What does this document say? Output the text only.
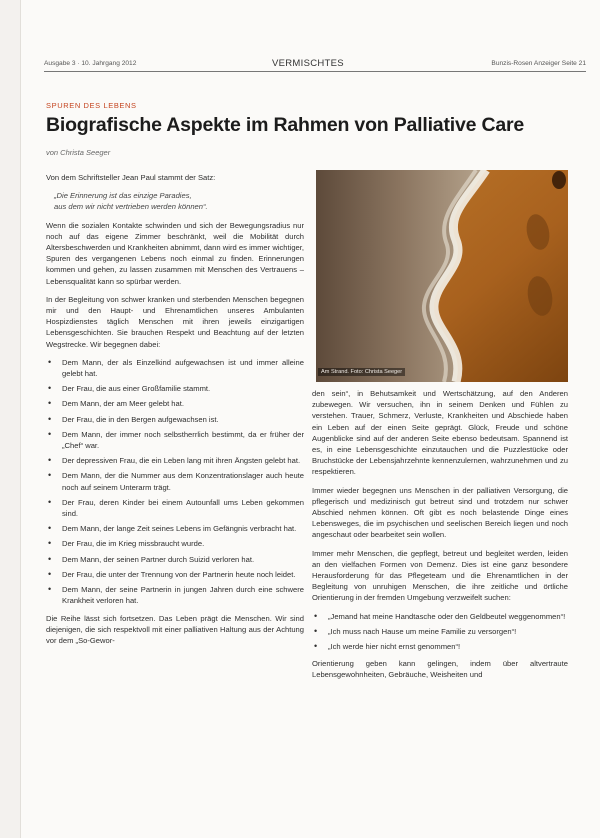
Ausgabe 3 · 10. Jahrgang 2012	VERMISCHTES	Bunzis-Rosen Anzeiger Seite 21
SPUREN DES LEBENS
Biografische Aspekte im Rahmen von Palliative Care
von Christa Seeger

Von dem Schriftsteller Jean Paul stammt der Satz:

„Die Erinnerung ist das einzige Paradies,
aus dem wir nicht vertrieben werden können“.

Wenn die sozialen Kontakte schwinden und sich der Bewegungsradius nur noch auf das eigene Zimmer beschränkt, weil die Mobilität durch Altersbeschwerden und Krankheiten abnimmt, dann wird es immer wichtiger, Spuren des vergangenen Lebens noch einmal zu finden. Erinnerungen kommen und gehen, zu lassen zusammen mit Menschen des Vertrauens – Lebensqualität kann so spürbar werden.

In der Begleitung von schwer kranken und sterbenden Menschen begegnen mir und den Haupt- und Ehrenamtlichen unseres Ambulanten Hospizdienstes täglich Menschen mit ihren jeweils einzigartigen Lebensgeschichten. Sie brauchen Respekt und Beachtung auf der letzten Wegstrecke. Wir begegnen dabei:

• Dem Mann, der als Einzelkind aufgewachsen ist und immer alleine gelebt hat.
• Der Frau, die aus einer Großfamilie stammt.
• Dem Mann, der am Meer gelebt hat.
• Der Frau, die in den Bergen aufgewachsen ist.
• Dem Mann, der immer noch selbstherrlich bestimmt, da er früher der „Chef“ war.
• Der depressiven Frau, die ein Leben lang mit ihren Ängsten gelebt hat.
• Dem Mann, der die Nummer aus dem Konzentrationslager auch heute noch auf seinem Unterarm trägt.
• Der Frau, deren Kinder bei einem Autounfall ums Leben gekommen sind.
• Dem Mann, der lange Zeit seines Lebens im Gefängnis verbracht hat.
• Der Frau, die im Krieg missbraucht wurde.
• Dem Mann, der seinen Partner durch Suizid verloren hat.
• Der Frau, die unter der Trennung von der Partnerin heute noch leidet.
• Dem Mann, der seine Partnerin in jungen Jahren durch eine schwere Krankheit verloren hat.

Die Reihe lässt sich fortsetzen. Das Leben prägt die Menschen. Wir sind diejenigen, die sich respektvoll mit einer palliativen Haltung aus der Achtung vor dem „So-Gewor-

Am Strand. Foto: Christa Seeger

den sein“, in Behutsamkeit und Wertschätzung, auf den Anderen zubewegen. Wir versuchen, ihn in seinem Denken und Fühlen zu verstehen. Trauer, Schmerz, Verluste, Krankheiten und Abschiede haben ein Leben auf der einen Seite geprägt. Glück, Freude und schöne Augenblicke sind auf der anderen Seite ebenso bedeutsam. Spannend ist es, in eine Lebensgeschichte einzutauchen und die Puzzlestücke oder Bruchstücke der Lebensjahrzehnte kennenzulernen, wahrzunehmen und zu respektieren.

Immer wieder begegnen uns Menschen in der palliativen Versorgung, die pflegerisch und medizinisch gut betreut sind und trotzdem nur schwer Abschied nehmen können. Oft gibt es noch belastende Dinge eines Lebensweges, die im psychischen und seelischen Bereich liegen und noch angeschaut oder bearbeitet sein wollen.

Immer mehr Menschen, die gepflegt, betreut und begleitet werden, leiden an den vielfachen Formen von Demenz. Dies ist eine ganz besondere Herausforderung für das Pflegeteam und die Ehrenamtlichen in der Begleitung von unruhigen Menschen, die ihre zeitliche und örtliche Orientierung in der fremden Umgebung verzweifelt suchen:

• „Jemand hat meine Handtasche oder den Geldbeutel weggenommen“!
• „Ich muss nach Hause um meine Familie zu versorgen“!
• „Ich werde hier nicht ernst genommen“!

Orientierung geben kann gelingen, indem über altvertraute Lebensgewohnheiten, Gebräuche, Weisheiten und
